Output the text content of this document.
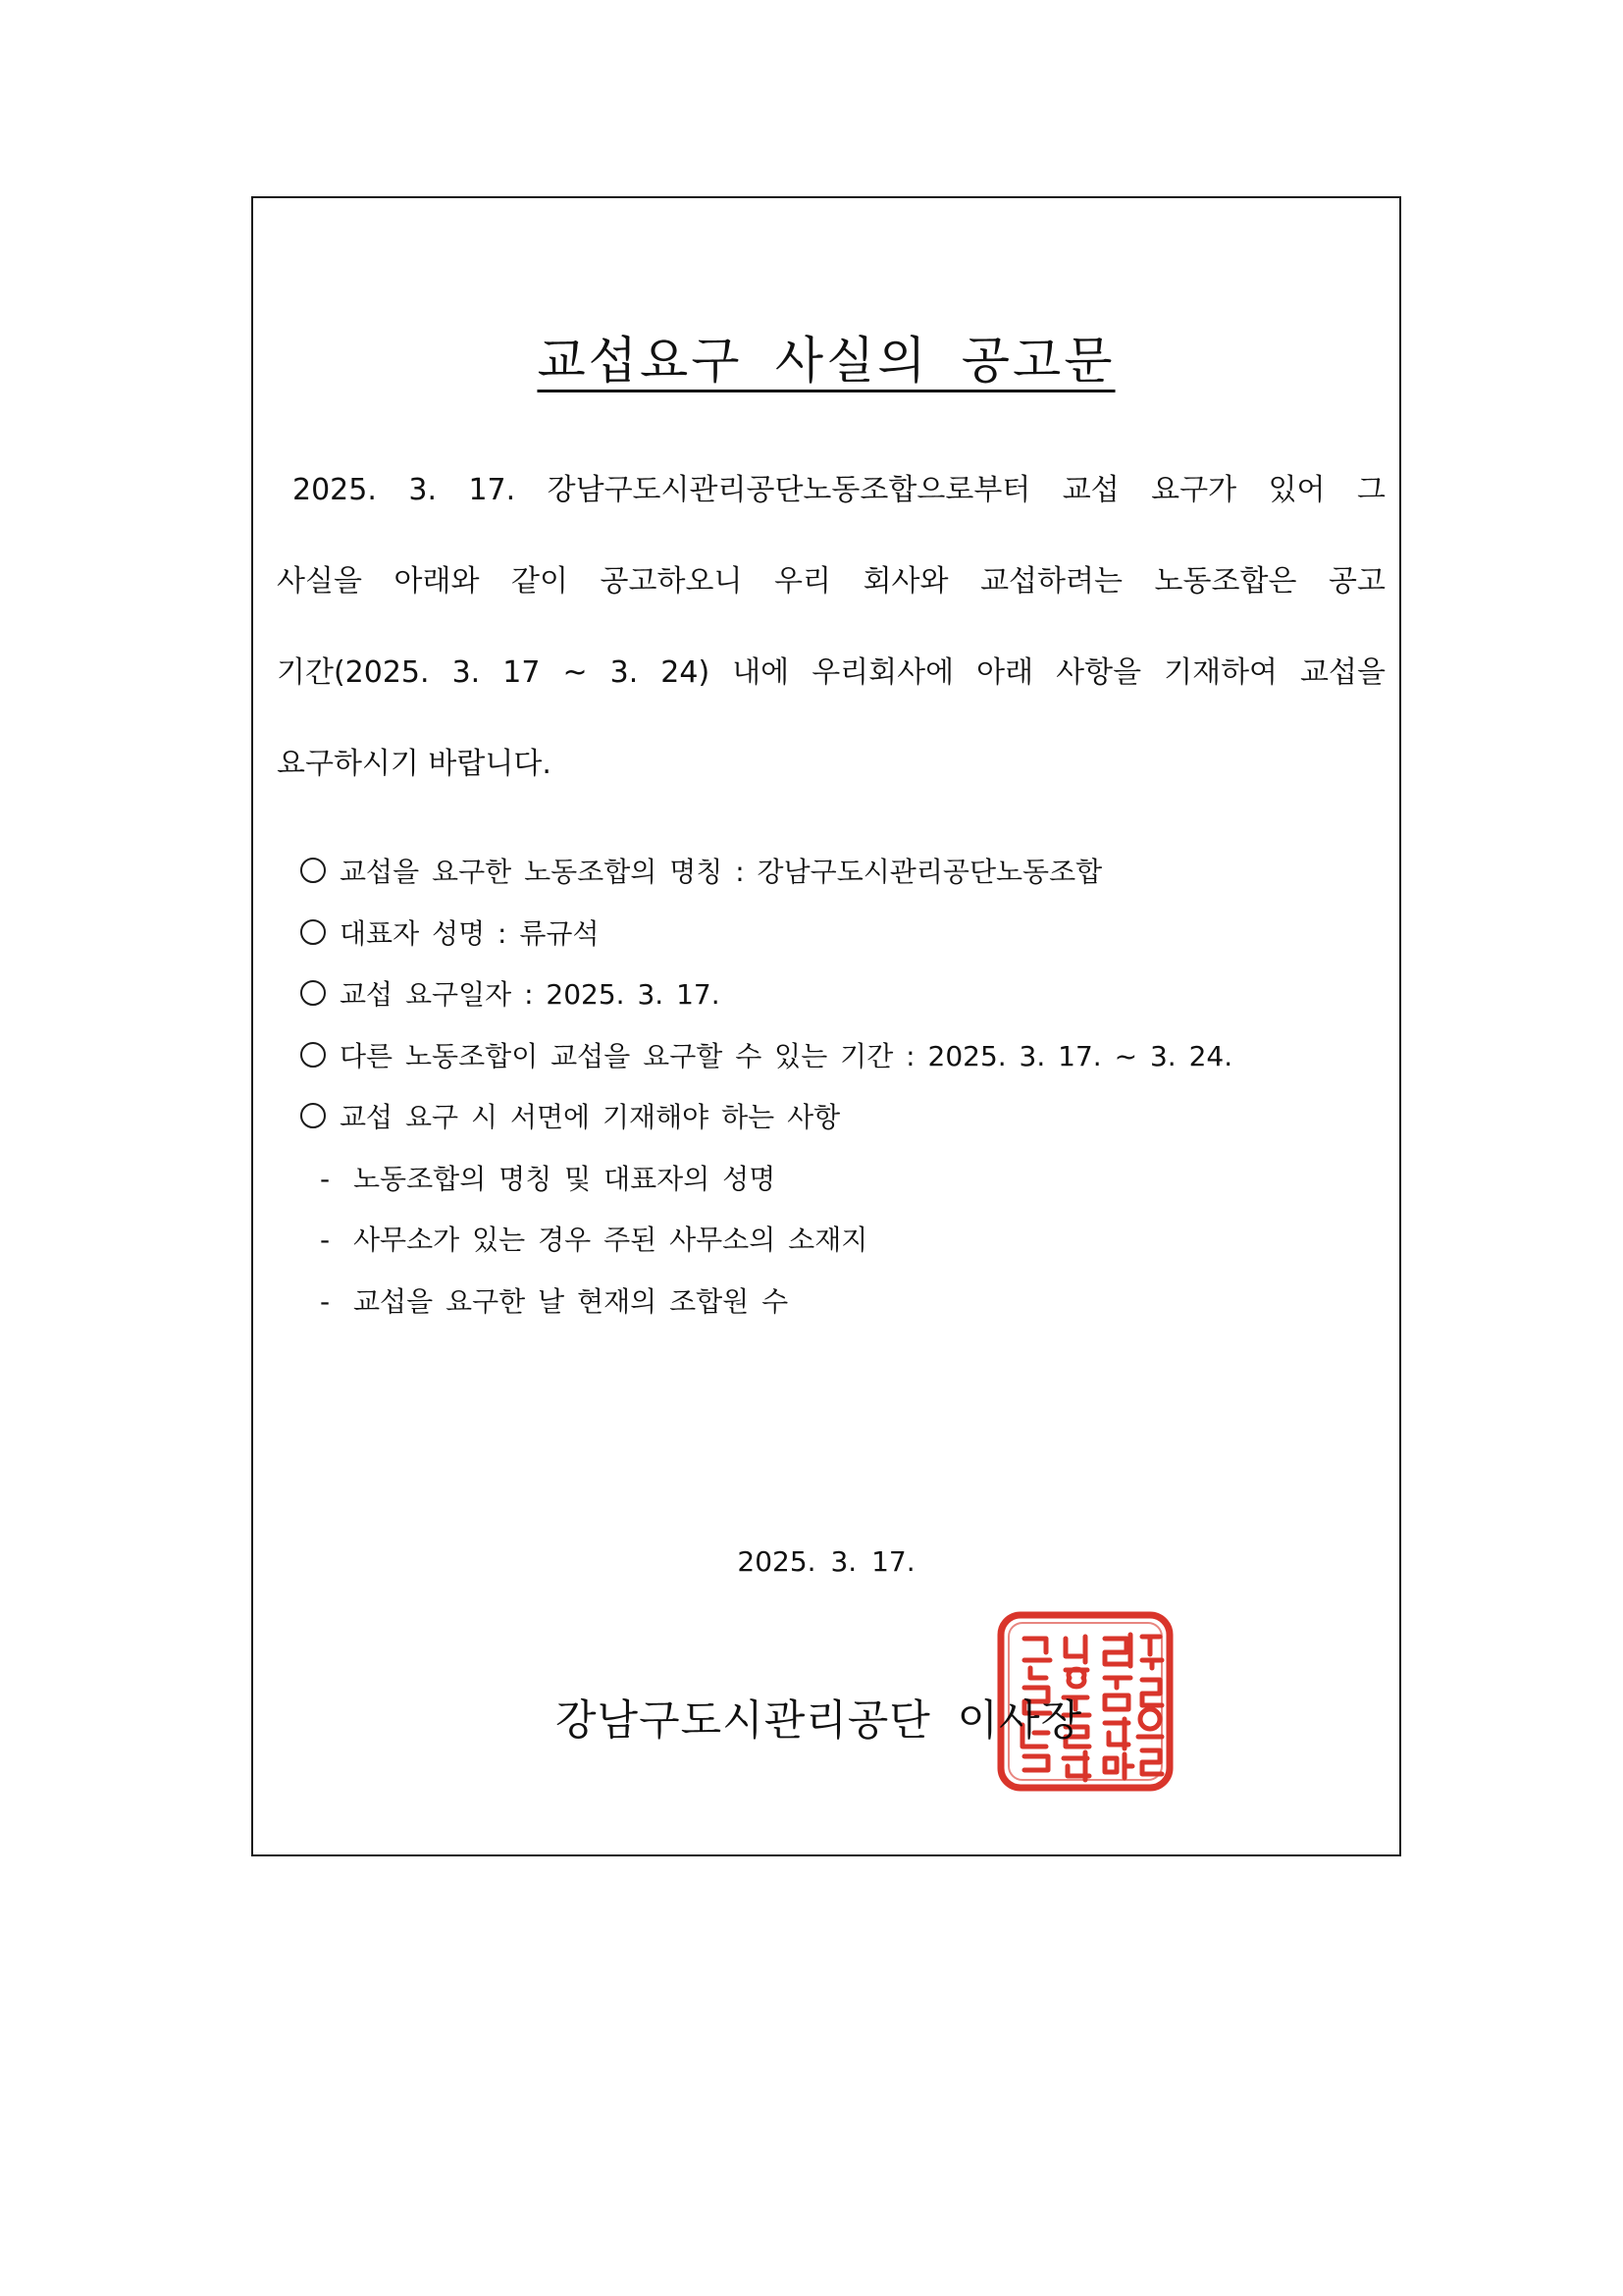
교섭요구 사실의 공고문
2025. 3. 17. 강남구도시관리공단노동조합으로부터 교섭 요구가 있어 그
사실을 아래와 같이 공고하오니 우리 회사와 교섭하려는 노동조합은 공고
기간(2025. 3. 17 ~ 3. 24) 내에 우리회사에 아래 사항을 기재하여 교섭을
요구하시기 바랍니다.
교섭을 요구한 노동조합의 명칭 : 강남구도시관리공단노동조합
대표자 성명 : 류규석
교섭 요구일자 : 2025. 3. 17.
다른 노동조합이 교섭을 요구할 수 있는 기간 : 2025. 3. 17. ~ 3. 24.
교섭 요구 시 서면에 기재해야 하는 사항
- 노동조합의 명칭 및 대표자의 성명
- 사무소가 있는 경우 주된 사무소의 소재지
- 교섭을 요구한 날 현재의 조합원 수
2025. 3. 17.
강남구도시관리공단 이사장
